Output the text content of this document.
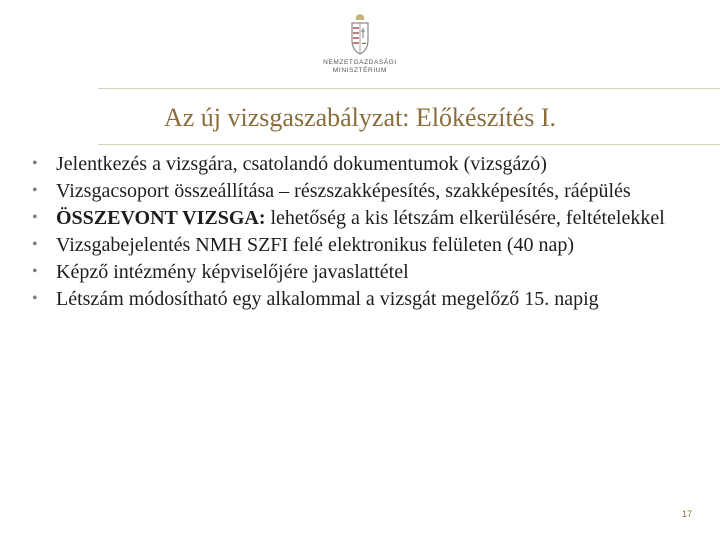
NEMZETGAZDASÁGI
MINISZTÉRIUM
Az új vizsgaszabályzat: Előkészítés I.
• Jelentkezés a vizsgára, csatolandó dokumentumok (vizsgázó)
• Vizsgacsoport összeállítása – részszakképesítés, szakképesítés, ráépülés
• ÖSSZEVONT VIZSGA: lehetőség a kis létszám elkerülésére, feltételekkel
• Vizsgabejelentés NMH SZFI felé elektronikus felületen (40 nap)
• Képző intézmény képviselőjére javaslattétel
• Létszám módosítható egy alkalommal a vizsgát megelőző 15. napig
17
